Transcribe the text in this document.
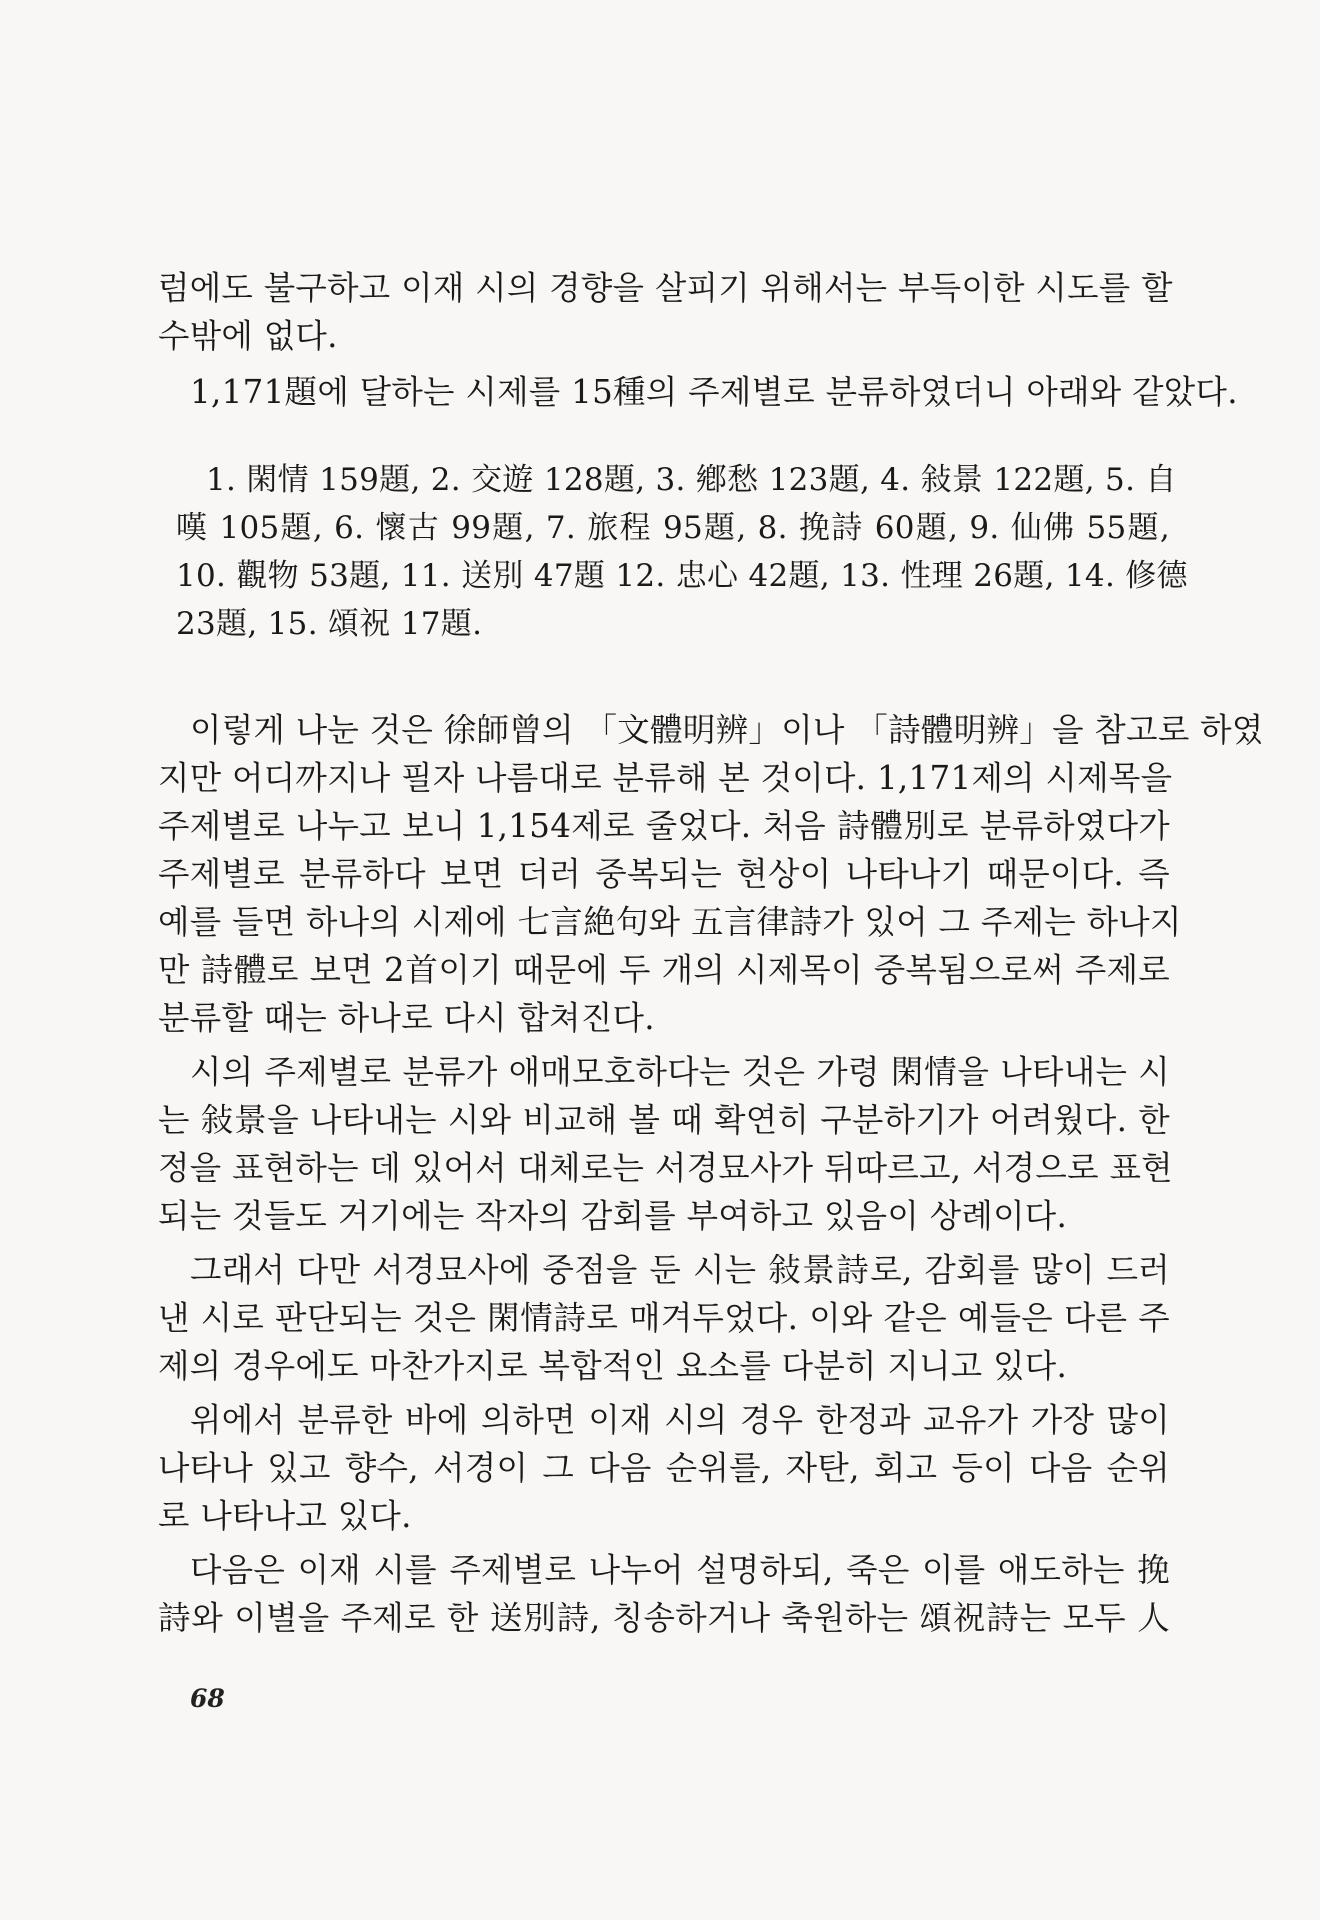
럼에도 불구하고 이재 시의 경향을 살피기 위해서는 부득이한 시도를 할
수밖에 없다.
1,171題에 달하는 시제를 15種의 주제별로 분류하였더니 아래와 같았다.
1. 閑情 159題, 2. 交遊 128題, 3. 鄕愁 123題, 4. 敍景 122題, 5. 自
嘆 105題, 6. 懷古 99題, 7. 旅程 95題, 8. 挽詩 60題, 9. 仙佛 55題,
10. 觀物 53題, 11. 送別 47題 12. 忠心 42題, 13. 性理 26題, 14. 修德
23題, 15. 頌祝 17題.
이렇게 나눈 것은 徐師曾의 「文體明辨」이나 「詩體明辨」을 참고로 하였
지만 어디까지나 필자 나름대로 분류해 본 것이다. 1,171제의 시제목을
주제별로 나누고 보니 1,154제로 줄었다. 처음 詩體別로 분류하였다가
주제별로 분류하다 보면 더러 중복되는 현상이 나타나기 때문이다. 즉
예를 들면 하나의 시제에 七言絶句와 五言律詩가 있어 그 주제는 하나지
만 詩體로 보면 2首이기 때문에 두 개의 시제목이 중복됨으로써 주제로
분류할 때는 하나로 다시 합쳐진다.
시의 주제별로 분류가 애매모호하다는 것은 가령 閑情을 나타내는 시
는 敍景을 나타내는 시와 비교해 볼 때 확연히 구분하기가 어려웠다. 한
정을 표현하는 데 있어서 대체로는 서경묘사가 뒤따르고, 서경으로 표현
되는 것들도 거기에는 작자의 감회를 부여하고 있음이 상례이다.
그래서 다만 서경묘사에 중점을 둔 시는 敍景詩로, 감회를 많이 드러
낸 시로 판단되는 것은 閑情詩로 매겨두었다. 이와 같은 예들은 다른 주
제의 경우에도 마찬가지로 복합적인 요소를 다분히 지니고 있다.
위에서 분류한 바에 의하면 이재 시의 경우 한정과 교유가 가장 많이
나타나 있고 향수, 서경이 그 다음 순위를, 자탄, 회고 등이 다음 순위
로 나타나고 있다.
다음은 이재 시를 주제별로 나누어 설명하되, 죽은 이를 애도하는 挽
詩와 이별을 주제로 한 送別詩, 칭송하거나 축원하는 頌祝詩는 모두 人
68
